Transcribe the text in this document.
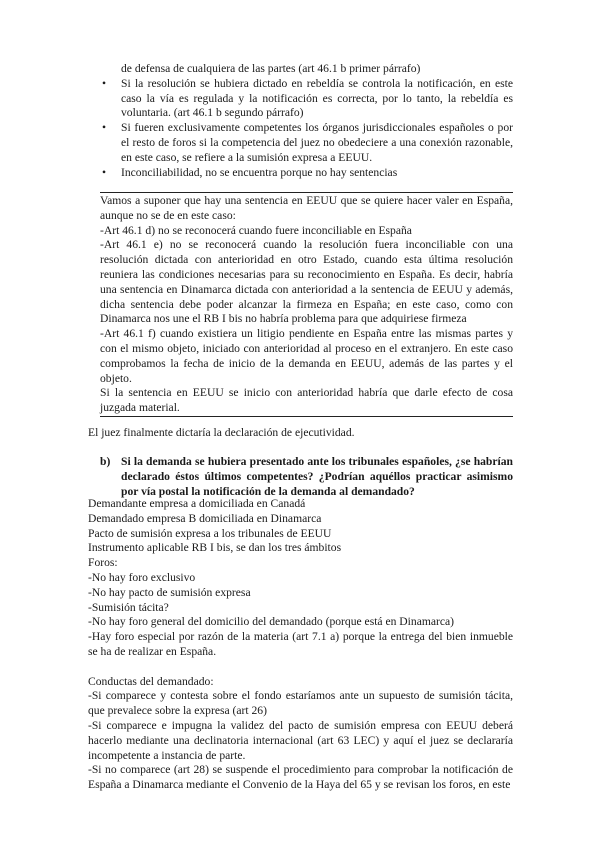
de defensa de cualquiera de las partes (art 46.1 b primer párrafo)

• Si la resolución se hubiera dictado en rebeldía se controla la notificación, en este caso la vía es regulada y la notificación es correcta, por lo tanto, la rebeldía es voluntaria. (art 46.1 b segundo párrafo)
• Si fueren exclusivamente competentes los órganos jurisdiccionales españoles o por el resto de foros si la competencia del juez no obedeciere a una conexión razonable, en este caso, se refiere a la sumisión expresa a EEUU.
• Inconciliabilidad, no se encuentra porque no hay sentencias

Vamos a suponer que hay una sentencia en EEUU que se quiere hacer valer en España, aunque no se de en este caso:

-Art 46.1 d) no se reconocerá cuando fuere inconciliable en España

-Art 46.1 e) no se reconocerá cuando la resolución fuera inconciliable con una resolución dictada con anterioridad en otro Estado, cuando esta última resolución reuniera las condiciones necesarias para su reconocimiento en España. Es decir, habría una sentencia en Dinamarca dictada con anterioridad a la sentencia de EEUU y además, dicha sentencia debe poder alcanzar la firmeza en España; en este caso, como con Dinamarca nos une el RB I bis no habría problema para que adquiriese firmeza

-Art 46.1 f) cuando existiera un litigio pendiente en España entre las mismas partes y con el mismo objeto, iniciado con anterioridad al proceso en el extranjero. En este caso comprobamos la fecha de inicio de la demanda en EEUU, además de las partes y el objeto.

Si la sentencia en EEUU se inicio con anterioridad habría que darle efecto de cosa juzgada material.

El juez finalmente dictaría la declaración de ejecutividad.

b) Si la demanda se hubiera presentado ante los tribunales españoles, ¿se habrían declarado éstos últimos competentes? ¿Podrían aquéllos practicar asimismo por vía postal la notificación de la demanda al demandado?

Demandante empresa a domiciliada en Canadá

Demandado empresa B domiciliada en Dinamarca

Pacto de sumisión expresa a los tribunales de EEUU

Instrumento aplicable RB I bis, se dan los tres ámbitos

Foros:

-No hay foro exclusivo

-No hay pacto de sumisión expresa

-Sumisión tácita?

-No hay foro general del domicilio del demandado (porque está en Dinamarca)

-Hay foro especial por razón de la materia (art 7.1 a) porque la entrega del bien inmueble se ha de realizar en España.

Conductas del demandado:

-Si comparece y contesta sobre el fondo estaríamos ante un supuesto de sumisión tácita, que prevalece sobre la expresa (art 26)

-Si comparece e impugna la validez del pacto de sumisión empresa con EEUU deberá hacerlo mediante una declinatoria internacional (art 63 LEC) y aquí el juez se declararía incompetente a instancia de parte.

-Si no comparece (art 28) se suspende el procedimiento para comprobar la notificación de España a Dinamarca mediante el Convenio de la Haya del 65 y se revisan los foros, en este
